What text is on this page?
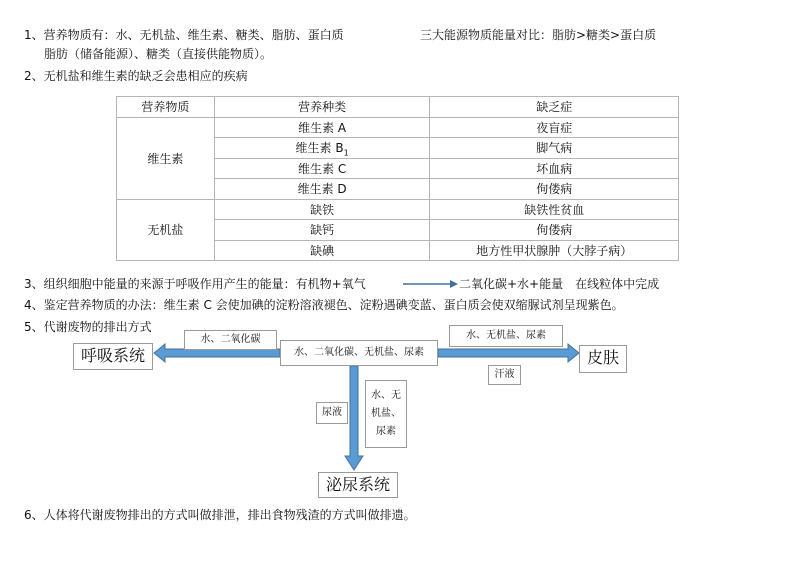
1、营养物质有：水、无机盐、维生素、糖类、脂肪、蛋白质	三大能源物质能量对比：脂肪>糖类>蛋白质
脂肪（储备能源）、糖类（直接供能物质）。
2、无机盐和维生素的缺乏会患相应的疾病
营养物质	营养种类	缺乏症
维生素	维生素 A	夜盲症
	维生素 $B_1$	脚气病
	维生素 C	坏血病
	维生素 D	佝偻病
无机盐	缺铁	缺铁性贫血
	缺钙	佝偻病
	缺碘	地方性甲状腺肿（大脖子病）
3、组织细胞中能量的来源于呼吸作用产生的能量：有机物+氧气	二氧化碳+水+能量　在线粒体中完成
4、鉴定营养物质的办法：维生素 C 会使加碘的淀粉溶液褪色、淀粉遇碘变蓝、蛋白质会使双缩脲试剂呈现紫色。
5、代谢废物的排出方式
水、二氧化碳	水、无机盐、尿素
水、二氧化碳、无机盐、尿素
呼吸系统	皮肤
汗液
尿液
水、无
机盐、
尿素
泌尿系统
6、人体将代谢废物排出的方式叫做排泄，排出食物残渣的方式叫做排遗。
